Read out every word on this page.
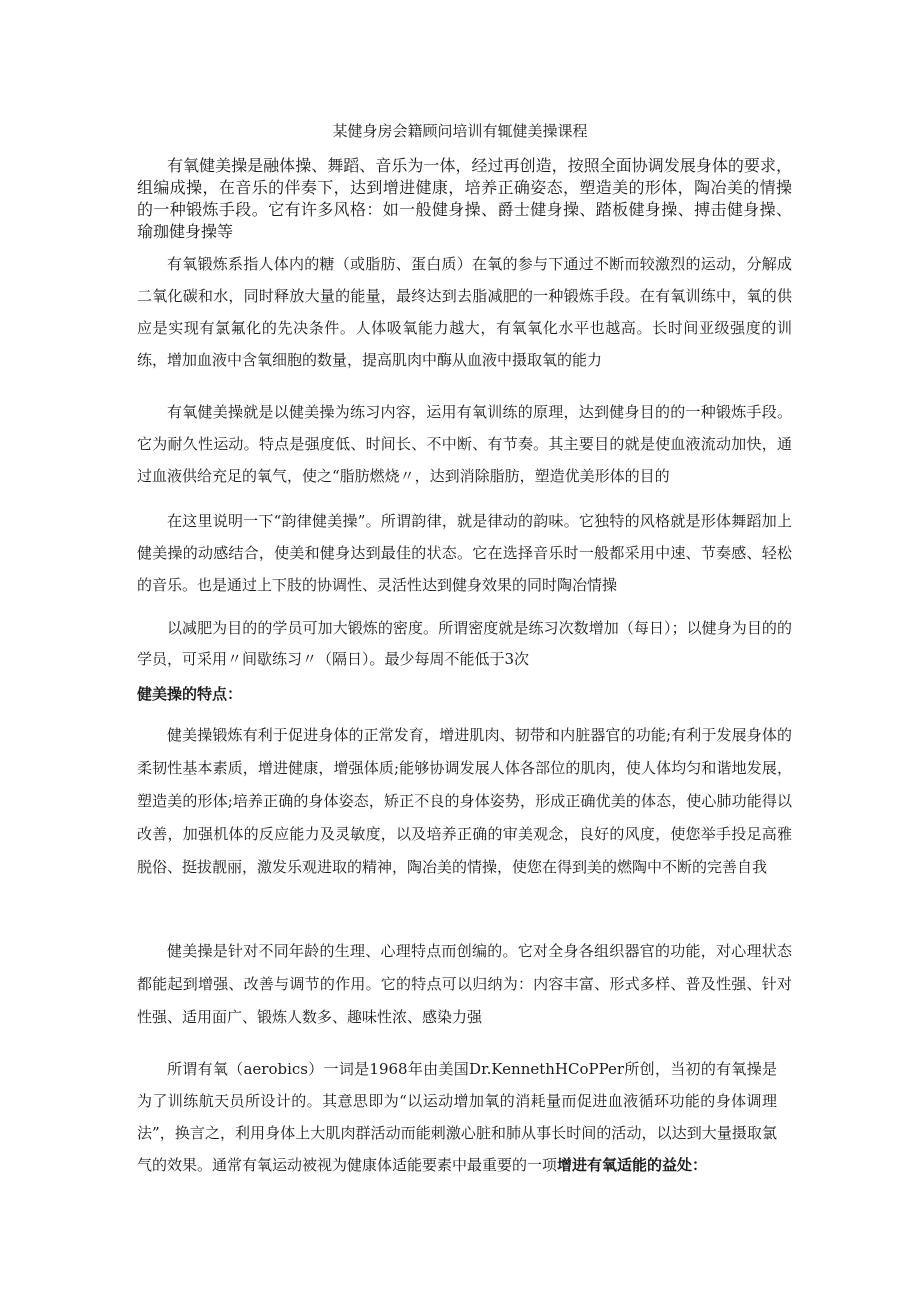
某健身房会籍顾问培训有辄健美操课程

有氧健美操是融体操、舞蹈、音乐为一体，经过再创造，按照全面协调发展身体的要求，组编成操，在音乐的伴奏下，达到增进健康，培养正确姿态，塑造美的形体，陶冶美的情操的一种锻炼手段。它有许多风格：如一般健身操、爵士健身操、踏板健身操、搏击健身操、瑜珈健身操等

有氧锻炼系指人体内的糖（或脂肪、蛋白质）在氧的参与下通过不断而较激烈的运动，分解成二氧化碳和水，同时释放大量的能量，最终达到去脂减肥的一种锻炼手段。在有氧训练中，氧的供应是实现有氯氟化的先决条件。人体吸氧能力越大，有氧氧化水平也越高。长时间亚级强度的训练，增加血液中含氧细胞的数量，提高肌肉中酶从血液中摄取氧的能力

有氧健美操就是以健美操为练习内容，运用有氧训练的原理，达到健身目的的一种锻炼手段。它为耐久性运动。特点是强度低、时间长、不中断、有节奏。其主要目的就是使血液流动加快，通过血液供给充足的氧气，使之“脂肪燃烧〃，达到消除脂肪，塑造优美形体的目的

在这里说明一下“韵律健美操”。所谓韵律，就是律动的韵味。它独特的风格就是形体舞蹈加上健美操的动感结合，使美和健身达到最佳的状态。它在选择音乐时一般都采用中速、节奏感、轻松的音乐。也是通过上下肢的协调性、灵活性达到健身效果的同时陶冶情操

以减肥为目的的学员可加大锻炼的密度。所谓密度就是练习次数增加（每日）；以健身为目的的学员，可采用〃间歇练习〃（隔日）。最少每周不能低于3次

健美操的特点：

健美操锻炼有利于促进身体的正常发育，增进肌肉、韧带和内脏器官的功能;有利于发展身体的柔韧性基本素质，增进健康，增强体质;能够协调发展人体各部位的肌肉，使人体均匀和谐地发展，塑造美的形体;培养正确的身体姿态，矫正不良的身体姿势，形成正确优美的体态，使心肺功能得以改善，加强机体的反应能力及灵敏度，以及培养正确的审美观念，良好的风度，使您举手投足高雅脱俗、挺拔靓丽，激发乐观进取的精神，陶冶美的情操，使您在得到美的燃陶中不断的完善自我

健美操是针对不同年龄的生理、心理特点而创编的。它对全身各组织器官的功能，对心理状态都能起到增强、改善与调节的作用。它的特点可以归纳为：内容丰富、形式多样、普及性强、针对性强、适用面广、锻炼人数多、趣味性浓、感染力强

所谓有氧（aerobics）一词是1968年由美国Dr.KennethHCoPPer所创，当初的有氧操是为了训练航天员所设计的。其意思即为“以运动增加氧的消耗量而促进血液循环功能的身体调理法”，换言之，利用身体上大肌肉群活动而能刺激心脏和肺从事长时间的活动，以达到大量摄取氯气的效果。通常有氧运动被视为健康体适能要素中最重要的一项增进有氧适能的益处：
